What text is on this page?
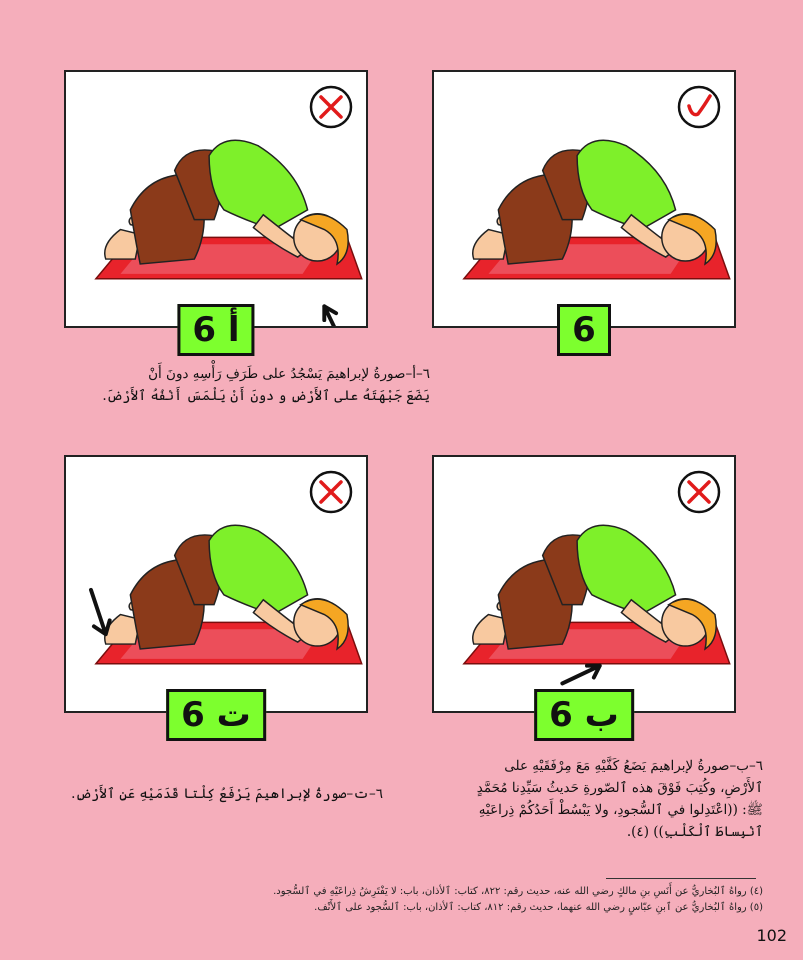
6
6 أ

٦–أ–صورةُ لإبراهيمَ يَسْجُدُ على طَرَفِ رَأْسِهِ دونَ أَنْ

يَضَعَ جَبْهَتَهُ على ٱلأَرْضِ و دونَ أَنْ يَلْمَسَ أَنْفُهُ ٱلأَرْضَ.

6 ب
6 ت

٦–ب–صورةُ لإبراهيمَ يَضَعُ كَفَّيْهِ مَعَ مِرْفَقَيْهِ على

ٱلأَرْضِ، وكُتِبَ فَوْقَ هذه ٱلصّورةِ حَديثُ سَيِّدِنا مُحَمَّدٍ

ﷺ: ((اعْتَدِلوا في ٱلسُّجودِ، ولا يَبْسُطْ أَحَدُكُمْ ذِراعَيْهِ

ٱنْبِساطَ ٱلْكَلْبِ)) (٤).

٦–ت–صورةُ لإبراهيمَ يَرْفَعُ كِلْتا قَدَمَيْهِ عَنِ ٱلأَرْضِ.

(٤) رواهُ ٱلبُخاريُّ عن أَنَسِ بنِ مالكٍ رضي الله عنه، حديث رقم: ٨٢٢، كتاب: ٱلأذان، باب: لا يَفْتَرِشُ ذِراعَيْهِ في ٱلسُّجود.
(٥) رواهُ ٱلبُخاريُّ عن ٱبنِ عبّاسٍ رضي الله عنهما، حديث رقم: ٨١٢، كتاب: ٱلأذان، باب: ٱلسُّجود على ٱلأَنْف.
102
